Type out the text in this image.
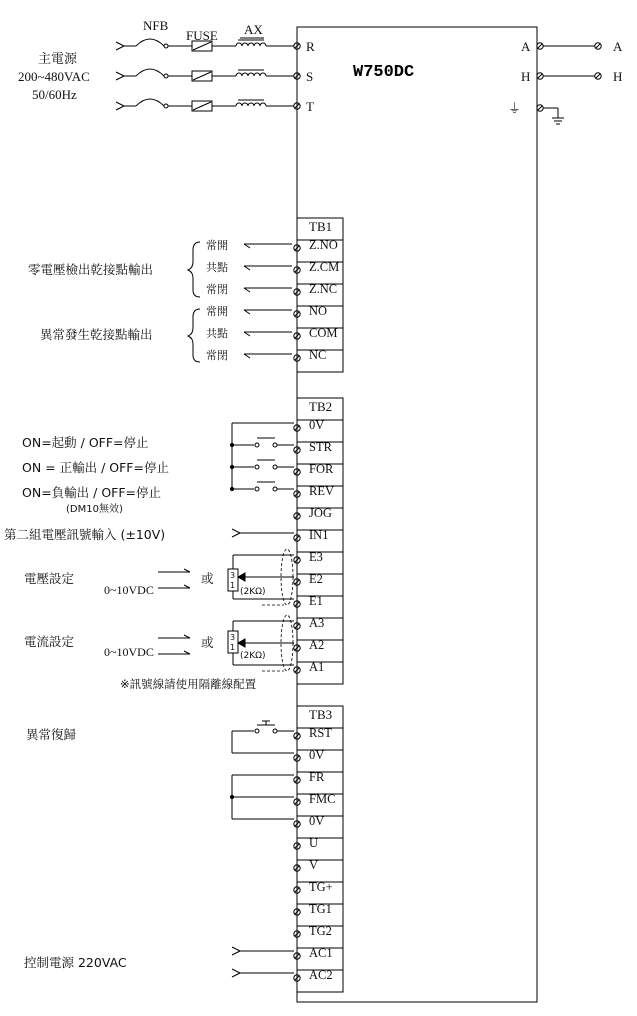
W750DC
主電源
200~480VAC
50/60Hz
NFB
FUSE AX
R
S
T
A
H
A
H
⏚
TB1
TB2
TB3
Z.NO
Z.CM
Z.NC
NO
COM
NC
常開
共點
常閉
常開
共點
常閉
零電壓檢出乾接點輸出
異常發生乾接點輸出
0V
STR
FOR
REV
JOG
IN1
E3
E2
E1
A3
A2
A1
ON=起動 / OFF=停止
ON = 正輸出 / OFF=停止
ON=負輸出 / OFF=停止
(DM10無效)
第二組電壓訊號輸入 (±10V)
電壓設定
0~10VDC
或
電流設定
0~10VDC
或
※訊號線請使用隔離線配置
3
1
(2KΩ)
3
1
(2KΩ)
RST
0V
FR
FMC
0V
U
V
TG+
TG1
TG2
AC1
AC2
異常復歸
控制電源 220VAC
